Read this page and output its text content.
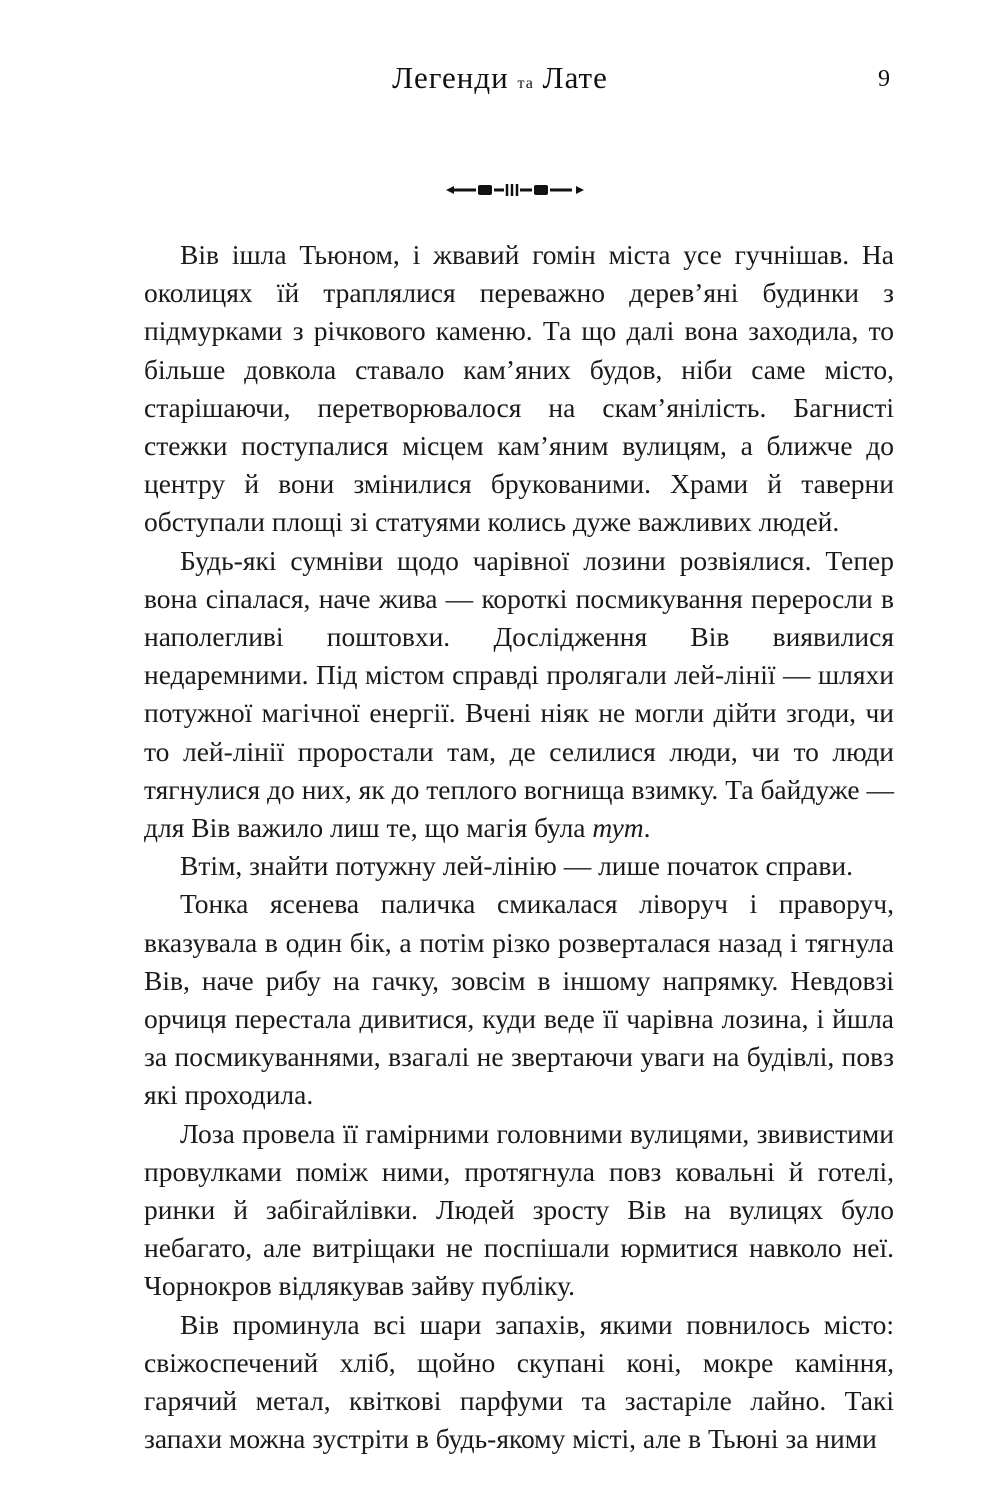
Легенди та Лате	9

Вів ішла Тьюном, і жвавий гомін міста усе гучнішав. На околицях їй траплялися переважно дерев’яні будинки з підмурками з річкового каменю. Та що далі вона заходила, то більше довкола ставало кам’яних будов, ніби саме місто, старішаючи, перетворювалося на скам’янілість. Багнисті стежки поступалися місцем кам’яним вулицям, а ближче до центру й вони змінилися брукованими. Храми й таверни обступали площі зі статуями колись дуже важливих людей.

Будь-які сумніви щодо чарівної лозини розвіялися. Тепер вона сіпалася, наче жива — короткі посмикування переросли в наполегливі поштовхи. Дослідження Вів виявилися недаремними. Під містом справді пролягали лей-лінії — шляхи потужної магічної енергії. Вчені ніяк не могли дійти згоди, чи то лей-лінії проростали там, де селилися люди, чи то люди тягнулися до них, як до теплого вогнища взимку. Та байдуже — для Вів важило лиш те, що магія була тут.

Втім, знайти потужну лей-лінію — лише початок справи.

Тонка ясенева паличка смикалася ліворуч і праворуч, вказувала в один бік, а потім різко розверталася назад і тягнула Вів, наче рибу на гачку, зовсім в іншому напрямку. Невдовзі орчиця перестала дивитися, куди веде її чарівна лозина, і йшла за посмикуваннями, взагалі не звертаючи уваги на будівлі, повз які проходила.

Лоза провела її гамірними головними вулицями, звивистими провулками поміж ними, протягнула повз ковальні й готелі, ринки й забігайлівки. Людей зросту Вів на вулицях було небагато, але витріщаки не поспішали юрмитися навколо неї. Чорнокров відлякував зайву публіку.

Вів проминула всі шари запахів, якими повнилось місто: свіжоспечений хліб, щойно скупані коні, мокре каміння, гарячий метал, квіткові парфуми та застаріле лайно. Такі запахи можна зустріти в будь-якому місті, але в Тьюні за ними
